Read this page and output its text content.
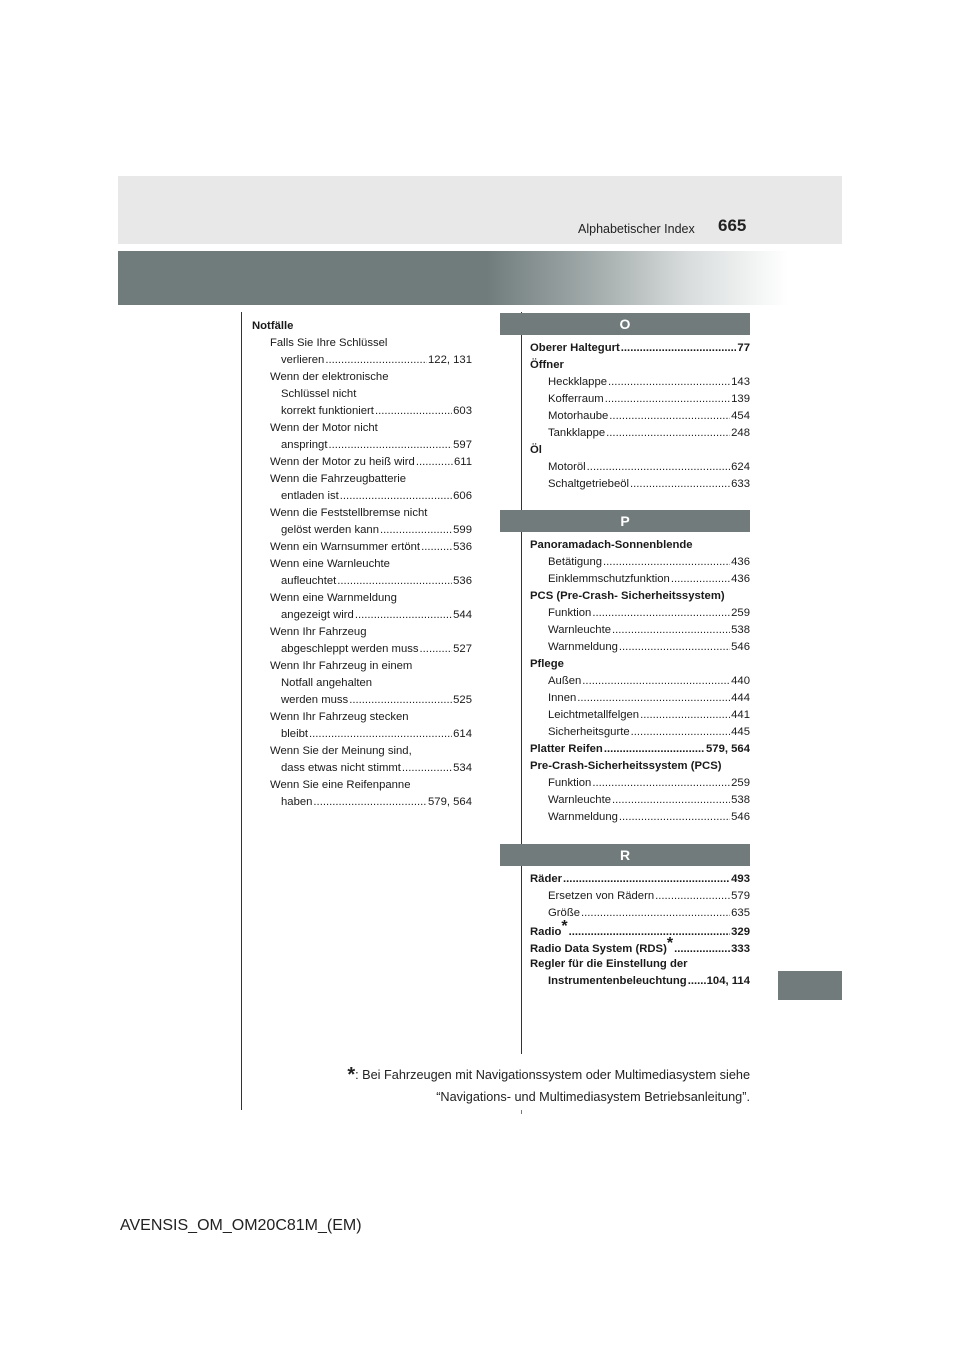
665
Alphabetischer Index
Notfälle
Falls Sie Ihre Schlüssel
verlieren .....	122, 131
Wenn der elektronische
Schlüssel nicht
korrekt funktioniert .....	603
Wenn der Motor nicht
anspringt .....	597
Wenn der Motor zu heiß wird .....	611
Wenn die Fahrzeugbatterie
entladen ist .....	606
Wenn die Feststellbremse nicht
gelöst werden kann .....	599
Wenn ein Warnsummer ertönt .....	536
Wenn eine Warnleuchte
aufleuchtet .....	536
Wenn eine Warnmeldung
angezeigt wird .....	544
Wenn Ihr Fahrzeug
abgeschleppt werden muss .....	527
Wenn Ihr Fahrzeug in einem
Notfall angehalten
werden muss .....	525
Wenn Ihr Fahrzeug stecken
bleibt .....	614
Wenn Sie der Meinung sind,
dass etwas nicht stimmt .....	534
Wenn Sie eine Reifenpanne
haben .....	579, 564
O
P
R
Oberer Haltegurt .....	77
Öffner
Heckklappe .....	143
Kofferraum .....	139
Motorhaube .....	454
Tankklappe .....	248
Öl
Motoröl .....	624
Schaltgetriebeöl .....	633
Panoramadach-Sonnenblende
Betätigung .....	436
Einklemmschutzfunktion .....	436
PCS (Pre-Crash- Sicherheitssystem)
Funktion .....	259
Warnleuchte .....	538
Warnmeldung .....	546
Pflege
Außen .....	440
Innen .....	444
Leichtmetallfelgen .....	441
Sicherheitsgurte .....	445
Platter Reifen .....	579, 564
Pre-Crash-Sicherheitssystem (PCS)
Funktion .....	259
Warnleuchte .....	538
Warnmeldung .....	546
Räder .....	493
Ersetzen von Rädern .....	579
Größe .....	635
Radio * .....	329
Radio Data System (RDS) * .....	333
Regler für die Einstellung der
Instrumentenbeleuchtung ..... 104, 114
*: Bei Fahrzeugen mit Navigationssystem oder Multimediasystem siehe
“Navigations- und Multimediasystem Betriebsanleitung”.
AVENSIS_OM_OM20C81M_(EM)
